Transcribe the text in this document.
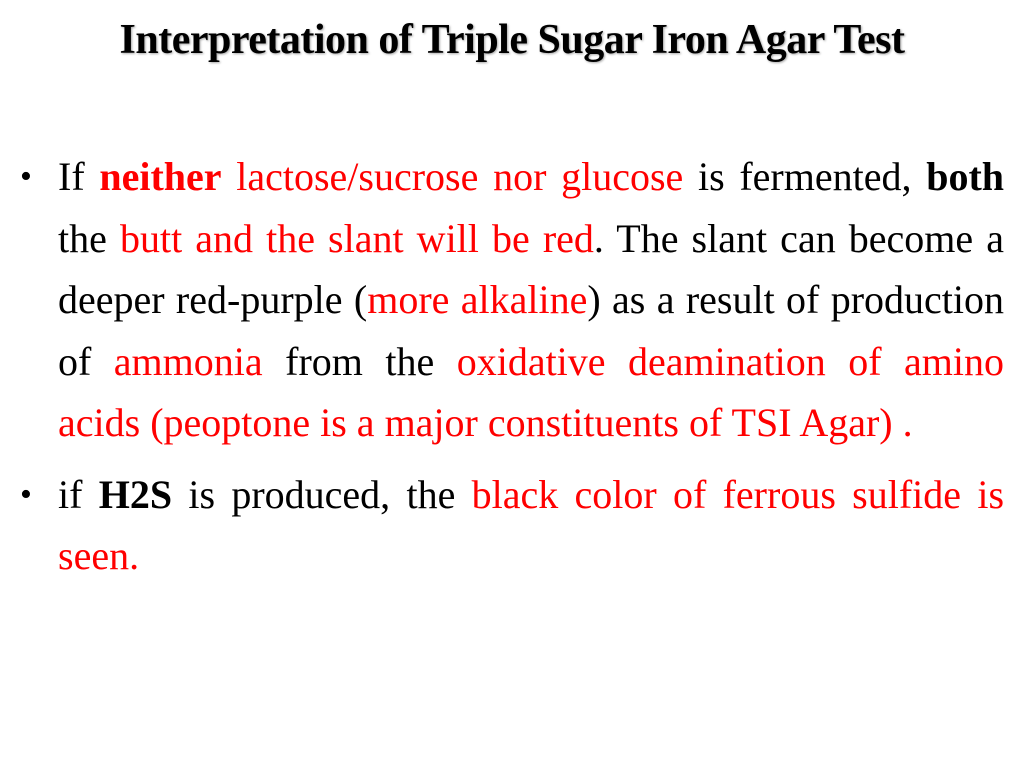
Interpretation of Triple Sugar Iron Agar Test
• If neither lactose/sucrose nor glucose is fermented, both the butt and the slant will be red. The slant can become a deeper red-purple (more alkaline) as a result of production of ammonia from the oxidative deamination of amino acids (peoptone is a major constituents of TSI Agar) .
• if H2S is produced, the black color of ferrous sulfide is seen.
